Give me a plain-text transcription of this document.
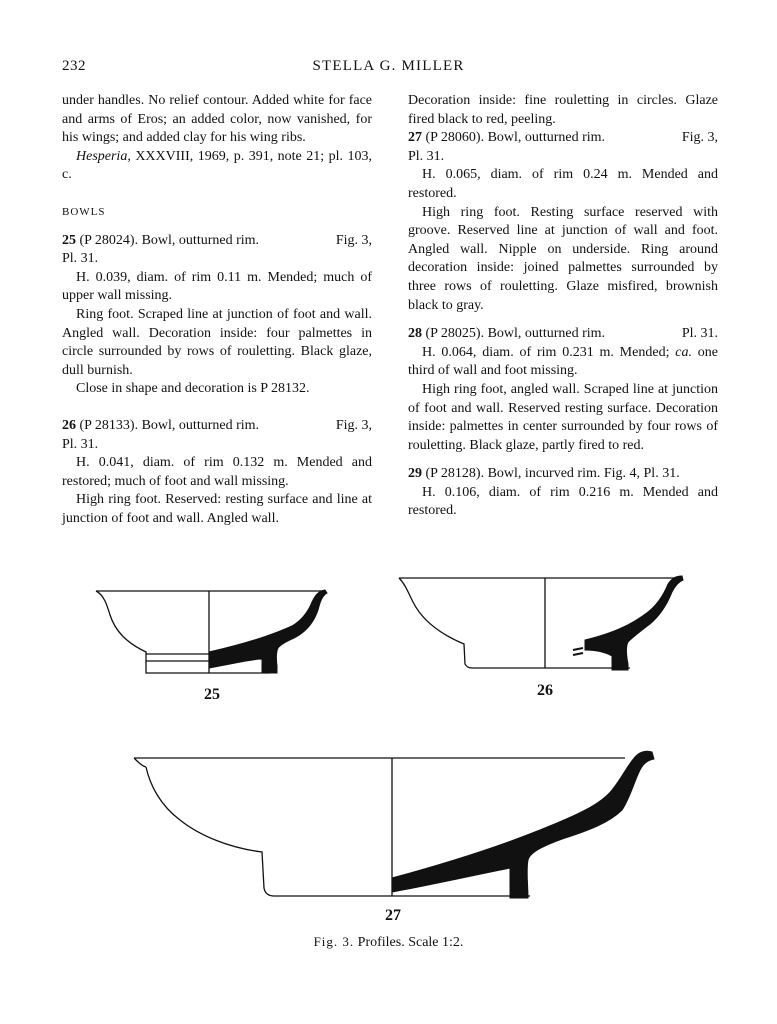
232	STELLA G. MILLER

under handles. No relief contour. Added white for face and arms of Eros; an added color, now vanished, for his wings; and added clay for his wing ribs.

Hesperia, XXXVIII, 1969, p. 391, note 21; pl. 103, c.

BOWLS

25 (P 28024). Bowl, outturned rim.	Fig. 3,

Pl. 31.

H. 0.039, diam. of rim 0.11 m. Mended; much of upper wall missing.

Ring foot. Scraped line at junction of foot and wall. Angled wall. Decoration inside: four palmettes in circle surrounded by rows of rouletting. Black glaze, dull burnish.

Close in shape and decoration is P 28132.

26 (P 28133). Bowl, outturned rim.	Fig. 3,

Pl. 31.

H. 0.041, diam. of rim 0.132 m. Mended and restored; much of foot and wall missing.

High ring foot. Reserved: resting surface and line at junction of foot and wall. Angled wall.

Decoration inside: fine rouletting in circles. Glaze fired black to red, peeling.

27 (P 28060). Bowl, outturned rim.	Fig. 3,

Pl. 31.

H. 0.065, diam. of rim 0.24 m. Mended and restored.

High ring foot. Resting surface reserved with groove. Reserved line at junction of wall and foot. Angled wall. Nipple on underside. Ring around decoration inside: joined palmettes surrounded by three rows of rouletting. Glaze misfired, brownish black to gray.

28 (P 28025). Bowl, outturned rim.	Pl. 31.

H. 0.064, diam. of rim 0.231 m. Mended; ca. one third of wall and foot missing.

High ring foot, angled wall. Scraped line at junction of foot and wall. Reserved resting surface. Decoration inside: palmettes in center surrounded by four rows of rouletting. Black glaze, partly fired to red.

29 (P 28128). Bowl, incurved rim. Fig. 4, Pl. 31.

H. 0.106, diam. of rim 0.216 m. Mended and restored.

25	26
27
Fig. 3. Profiles. Scale 1:2.
